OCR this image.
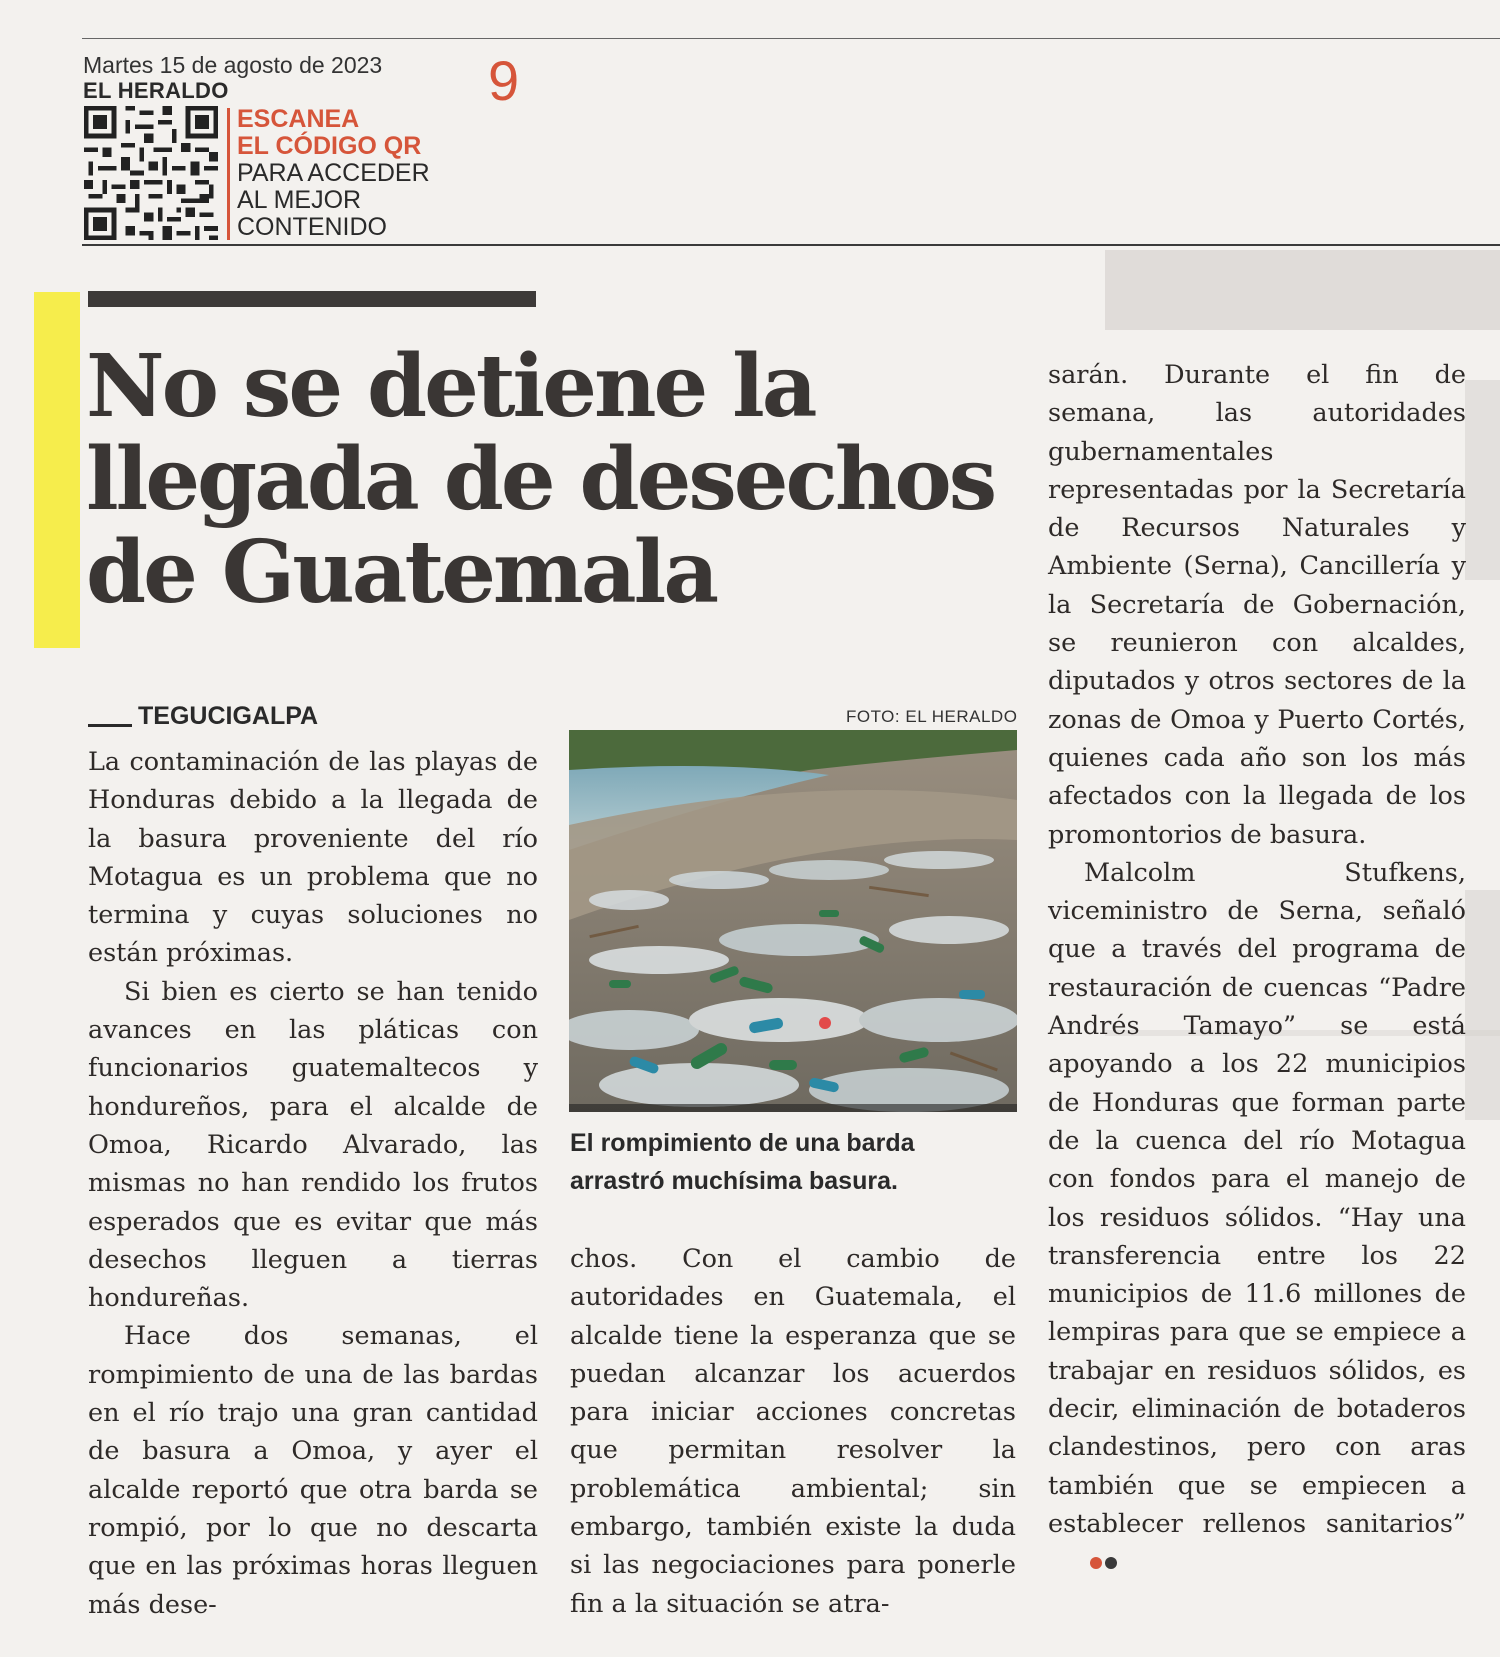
Martes 15 de agosto de 2023
EL HERALDO	9
ESCANEA
EL CÓDIGO QR
PARA ACCEDER
AL MEJOR
CONTENIDO
No se detiene la
llegada de desechos
de Guatemala
TEGUCIGALPA

La contaminación de las playas de Honduras debido a la llegada de la basura proveniente del río Motagua es un problema que no termina y cuyas soluciones no están próximas.

Si bien es cierto se han tenido avances en las pláticas con funcionarios guatemaltecos y hondureños, para el alcalde de Omoa, Ricardo Alvarado, las mismas no han rendido los frutos esperados que es evitar que más desechos lleguen a tierras hondureñas.

Hace dos semanas, el rompimiento de una de las bardas en el río trajo una gran cantidad de basura a Omoa, y ayer el alcalde reportó que otra barda se rompió, por lo que no descarta que en las próximas horas lleguen más dese-

FOTO: EL HERALDO
El rompimiento de una barda arrastró muchísima basura.

chos. Con el cambio de autoridades en Guatemala, el alcalde tiene la esperanza que se puedan alcanzar los acuerdos para iniciar acciones concretas que permitan resolver la problemática ambiental; sin embargo, también existe la duda si las negociaciones para ponerle fin a la situación se atra-

sarán. Durante el fin de semana, las autoridades gubernamentales representadas por la Secretaría de Recursos Naturales y Ambiente (Serna), Cancillería y la Secretaría de Gobernación, se reunieron con alcaldes, diputados y otros sectores de la zonas de Omoa y Puerto Cortés, quienes cada año son los más afectados con la llegada de los promontorios de basura.

Malcolm Stufkens, viceministro de Serna, señaló que a través del programa de restauración de cuencas “Padre Andrés Tamayo” se está apoyando a los 22 municipios de Honduras que forman parte de la cuenca del río Motagua con fondos para el manejo de los residuos sólidos. “Hay una transferencia entre los 22 municipios de 11.6 millones de lempiras para que se empiece a trabajar en residuos sólidos, es decir, eliminación de botaderos clandestinos, pero con aras también que se empiecen a establecer rellenos sanitarios”
